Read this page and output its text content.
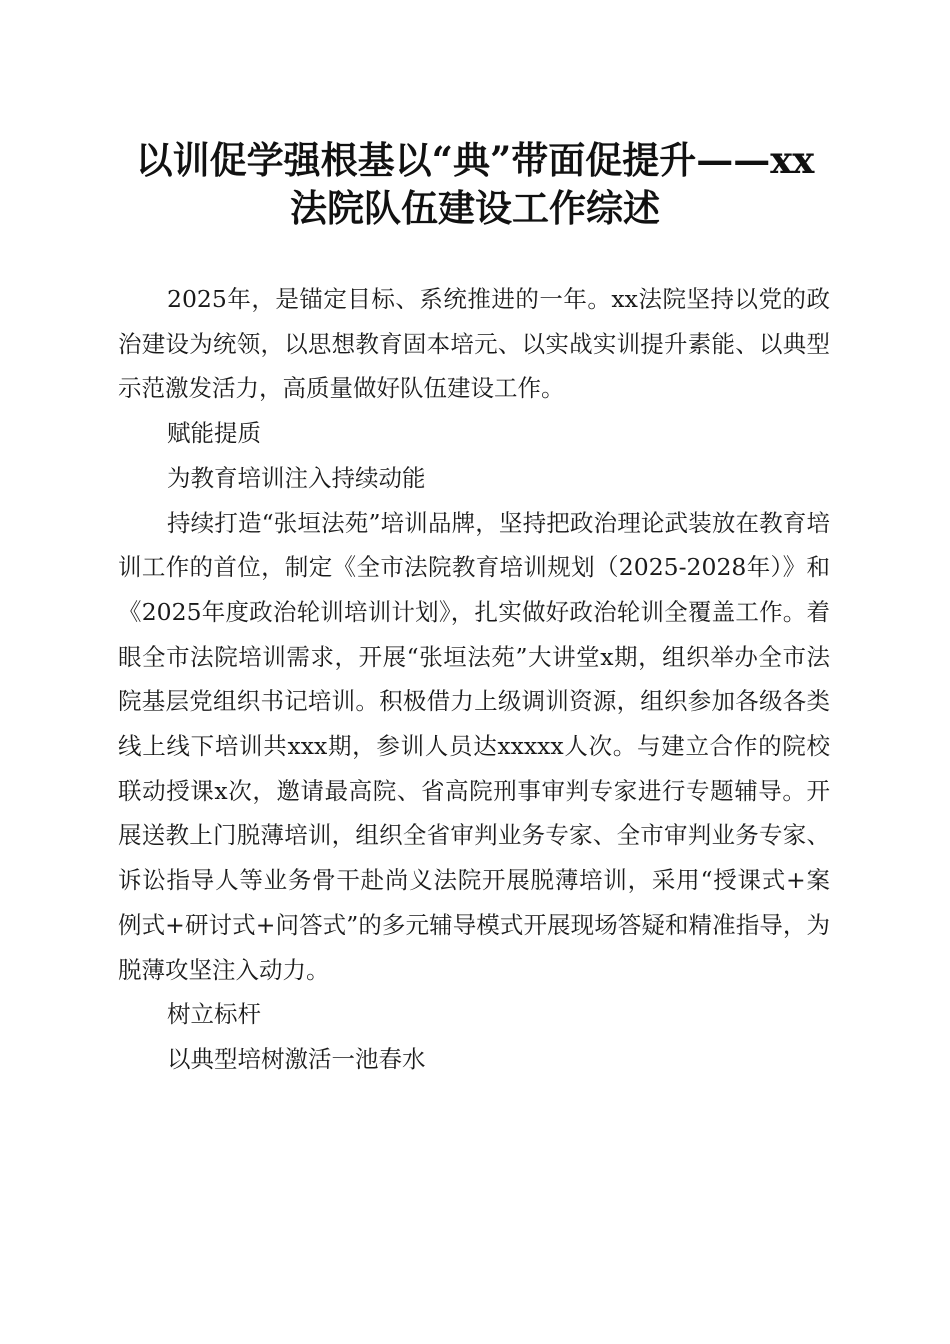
以训促学强根基以“典”带面促提升——xx
法院队伍建设工作综述

2025年，是锚定目标、系统推进的一年。xx法院坚持以党的政治建设为统领，以思想教育固本培元、以实战实训提升素能、以典型示范激发活力，高质量做好队伍建设工作。

赋能提质

为教育培训注入持续动能

持续打造“张垣法苑”培训品牌，坚持把政治理论武装放在教育培训工作的首位，制定《全市法院教育培训规划（2025-2028年）》和《2025年度政治轮训培训计划》，扎实做好政治轮训全覆盖工作。着眼全市法院培训需求，开展“张垣法苑”大讲堂x期，组织举办全市法院基层党组织书记培训。积极借力上级调训资源，组织参加各级各类线上线下培训共xxx期，参训人员达xxxxx人次。与建立合作的院校联动授课x次，邀请最高院、省高院刑事审判专家进行专题辅导。开展送教上门脱薄培训，组织全省审判业务专家、全市审判业务专家、诉讼指导人等业务骨干赴尚义法院开展脱薄培训，采用“授课式+案例式+研讨式+问答式”的多元辅导模式开展现场答疑和精准指导，为脱薄攻坚注入动力。

树立标杆

以典型培树激活一池春水
